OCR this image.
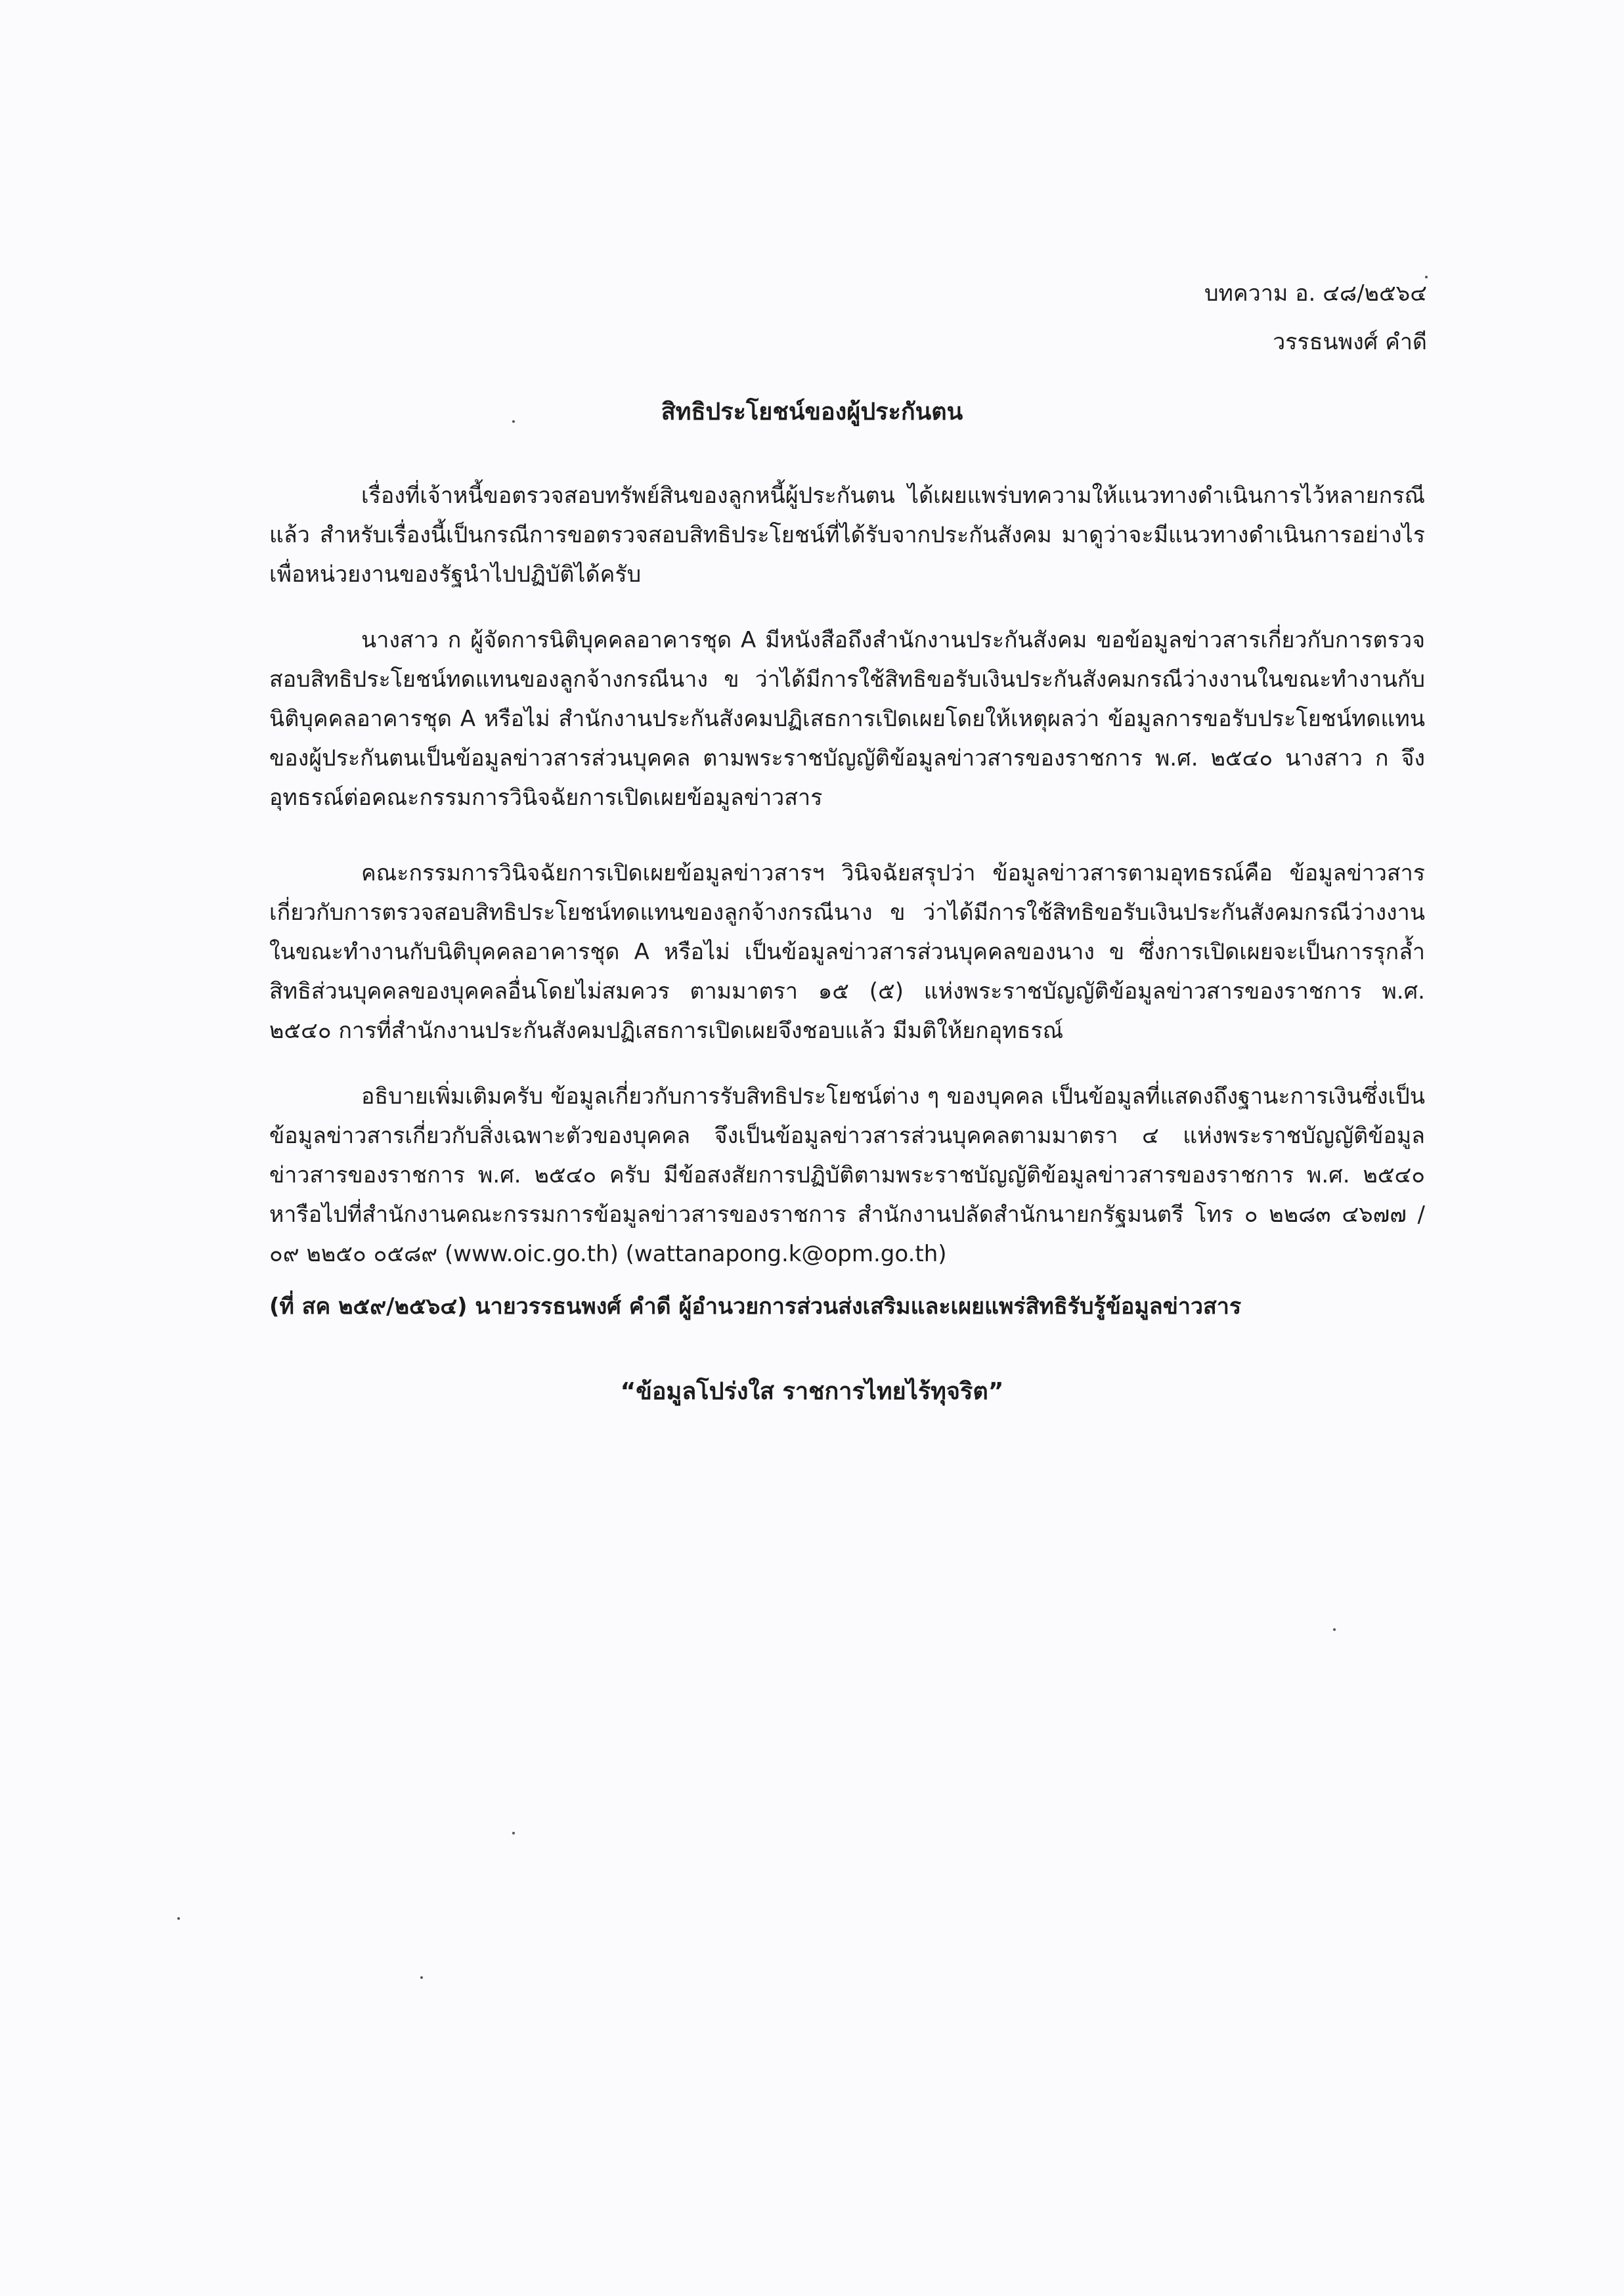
บทความ อ. ๔๘/๒๕๖๔
วรรธนพงศ์ คำดี
สิทธิประโยชน์ของผู้ประกันตน

เรื่องที่เจ้าหนี้ขอตรวจสอบทรัพย์สินของลูกหนี้ผู้ประกันตน ได้เผยแพร่บทความให้แนวทางดำเนินการไว้หลายกรณีแล้ว สำหรับเรื่องนี้เป็นกรณีการขอตรวจสอบสิทธิประโยชน์ที่ได้รับจากประกันสังคม มาดูว่าจะมีแนวทางดำเนินการอย่างไร เพื่อหน่วยงานของรัฐนำไปปฏิบัติได้ครับ

นางสาว ก ผู้จัดการนิติบุคคลอาคารชุด A มีหนังสือถึงสำนักงานประกันสังคม ขอข้อมูลข่าวสารเกี่ยวกับการตรวจสอบสิทธิประโยชน์ทดแทนของลูกจ้างกรณีนาง ข ว่าได้มีการใช้สิทธิขอรับเงินประกันสังคมกรณีว่างงานในขณะทำงานกับนิติบุคคลอาคารชุด A หรือไม่ สำนักงานประกันสังคมปฏิเสธการเปิดเผยโดยให้เหตุผลว่า ข้อมูลการขอรับประโยชน์ทดแทนของผู้ประกันตนเป็นข้อมูลข่าวสารส่วนบุคคล ตามพระราชบัญญัติข้อมูลข่าวสารของราชการ พ.ศ. ๒๕๔๐ นางสาว ก จึงอุทธรณ์ต่อคณะกรรมการวินิจฉัยการเปิดเผยข้อมูลข่าวสาร

คณะกรรมการวินิจฉัยการเปิดเผยข้อมูลข่าวสารฯ วินิจฉัยสรุปว่า ข้อมูลข่าวสารตามอุทธรณ์คือ ข้อมูลข่าวสารเกี่ยวกับการตรวจสอบสิทธิประโยชน์ทดแทนของลูกจ้างกรณีนาง ข ว่าได้มีการใช้สิทธิขอรับเงินประกันสังคมกรณีว่างงานในขณะทำงานกับนิติบุคคลอาคารชุด A หรือไม่ เป็นข้อมูลข่าวสารส่วนบุคคลของนาง ข ซึ่งการเปิดเผยจะเป็นการรุกล้ำสิทธิส่วนบุคคลของบุคคลอื่นโดยไม่สมควร ตามมาตรา ๑๕ (๕) แห่งพระราชบัญญัติข้อมูลข่าวสารของราชการ พ.ศ. ๒๕๔๐ การที่สำนักงานประกันสังคมปฏิเสธการเปิดเผยจึงชอบแล้ว มีมติให้ยกอุทธรณ์

อธิบายเพิ่มเติมครับ ข้อมูลเกี่ยวกับการรับสิทธิประโยชน์ต่าง ๆ ของบุคคล เป็นข้อมูลที่แสดงถึงฐานะการเงินซึ่งเป็นข้อมูลข่าวสารเกี่ยวกับสิ่งเฉพาะตัวของบุคคล จึงเป็นข้อมูลข่าวสารส่วนบุคคลตามมาตรา ๔ แห่งพระราชบัญญัติข้อมูลข่าวสารของราชการ พ.ศ. ๒๕๔๐ ครับ มีข้อสงสัยการปฏิบัติตามพระราชบัญญัติข้อมูลข่าวสารของราชการ พ.ศ. ๒๕๔๐ หารือไปที่สำนักงานคณะกรรมการข้อมูลข่าวสารของราชการ สำนักงานปลัดสำนักนายกรัฐมนตรี โทร ๐ ๒๒๘๓ ๔๖๗๗ / ๐๙ ๒๒๕๐ ๐๕๘๙ (www.oic.go.th) (wattanapong.k@opm.go.th)

(ที่ สค ๒๕๙/๒๕๖๔) นายวรรธนพงศ์ คำดี ผู้อำนวยการส่วนส่งเสริมและเผยแพร่สิทธิรับรู้ข้อมูลข่าวสาร
“ข้อมูลโปร่งใส ราชการไทยไร้ทุจริต”
